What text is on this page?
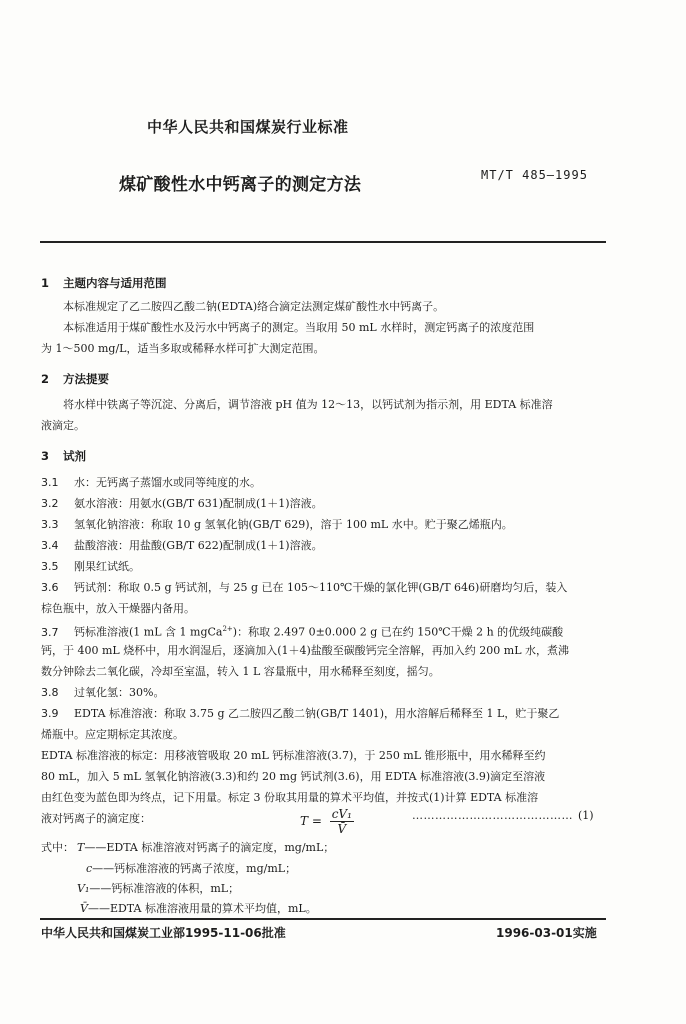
中华人民共和国煤炭行业标准
煤矿酸性水中钙离子的测定方法	MT/T 485—1995
1 主题内容与适用范围
本标准规定了乙二胺四乙酸二钠(EDTA)络合滴定法测定煤矿酸性水中钙离子。
本标准适用于煤矿酸性水及污水中钙离子的测定。当取用 50 mL 水样时，测定钙离子的浓度范围
为 1～500 mg/L，适当多取或稀释水样可扩大测定范围。
2 方法提要
将水样中铁离子等沉淀、分离后，调节溶液 pH 值为 12～13，以钙试剂为指示剂，用 EDTA 标准溶
液滴定。
3 试剂
3.1 水：无钙离子蒸馏水或同等纯度的水。
3.2 氨水溶液：用氨水(GB/T 631)配制成(1＋1)溶液。
3.3 氢氧化钠溶液：称取 10 g 氢氧化钠(GB/T 629)，溶于 100 mL 水中。贮于聚乙烯瓶内。
3.4 盐酸溶液：用盐酸(GB/T 622)配制成(1＋1)溶液。
3.5 刚果红试纸。
3.6 钙试剂：称取 0.5 g 钙试剂，与 25 g 已在 105～110℃干燥的氯化钾(GB/T 646)研磨均匀后，装入
棕色瓶中，放入干燥器内备用。
3.7 钙标准溶液(1 mL 含 1 mgCa$^{2+}$)：称取 2.497 0±0.000 2 g 已在约 150℃干燥 2 h 的优级纯碳酸
钙，于 400 mL 烧杯中，用水润湿后，逐滴加入(1＋4)盐酸至碳酸钙完全溶解，再加入约 200 mL 水，煮沸
数分钟除去二氧化碳，冷却至室温，转入 1 L 容量瓶中，用水稀释至刻度，摇匀。
3.8 过氧化氢：30%。
3.9 EDTA 标准溶液：称取 3.75 g 乙二胺四乙酸二钠(GB/T 1401)，用水溶解后稀释至 1 L，贮于聚乙
烯瓶中。应定期标定其浓度。
EDTA 标准溶液的标定：用移液管吸取 20 mL 钙标准溶液(3.7)，于 250 mL 锥形瓶中，用水稀释至约
80 mL，加入 5 mL 氢氧化钠溶液(3.3)和约 20 mg 钙试剂(3.6)，用 EDTA 标准溶液(3.9)滴定至溶液
由红色变为蓝色即为终点，记下用量。标定 3 份取其用量的算术平均值，并按式(1)计算 EDTA 标准溶
液对钙离子的滴定度：	$T = \frac{\text{cV₁}}{V̄}$	…………………………………… (1)
式中： T——EDTA 标准溶液对钙离子的滴定度，mg/mL；
c——钙标准溶液的钙离子浓度，mg/mL；
V₁——钙标准溶液的体积，mL；
V̄——EDTA 标准溶液用量的算术平均值，mL。
中华人民共和国煤炭工业部1995-11-06批准	1996-03-01实施
